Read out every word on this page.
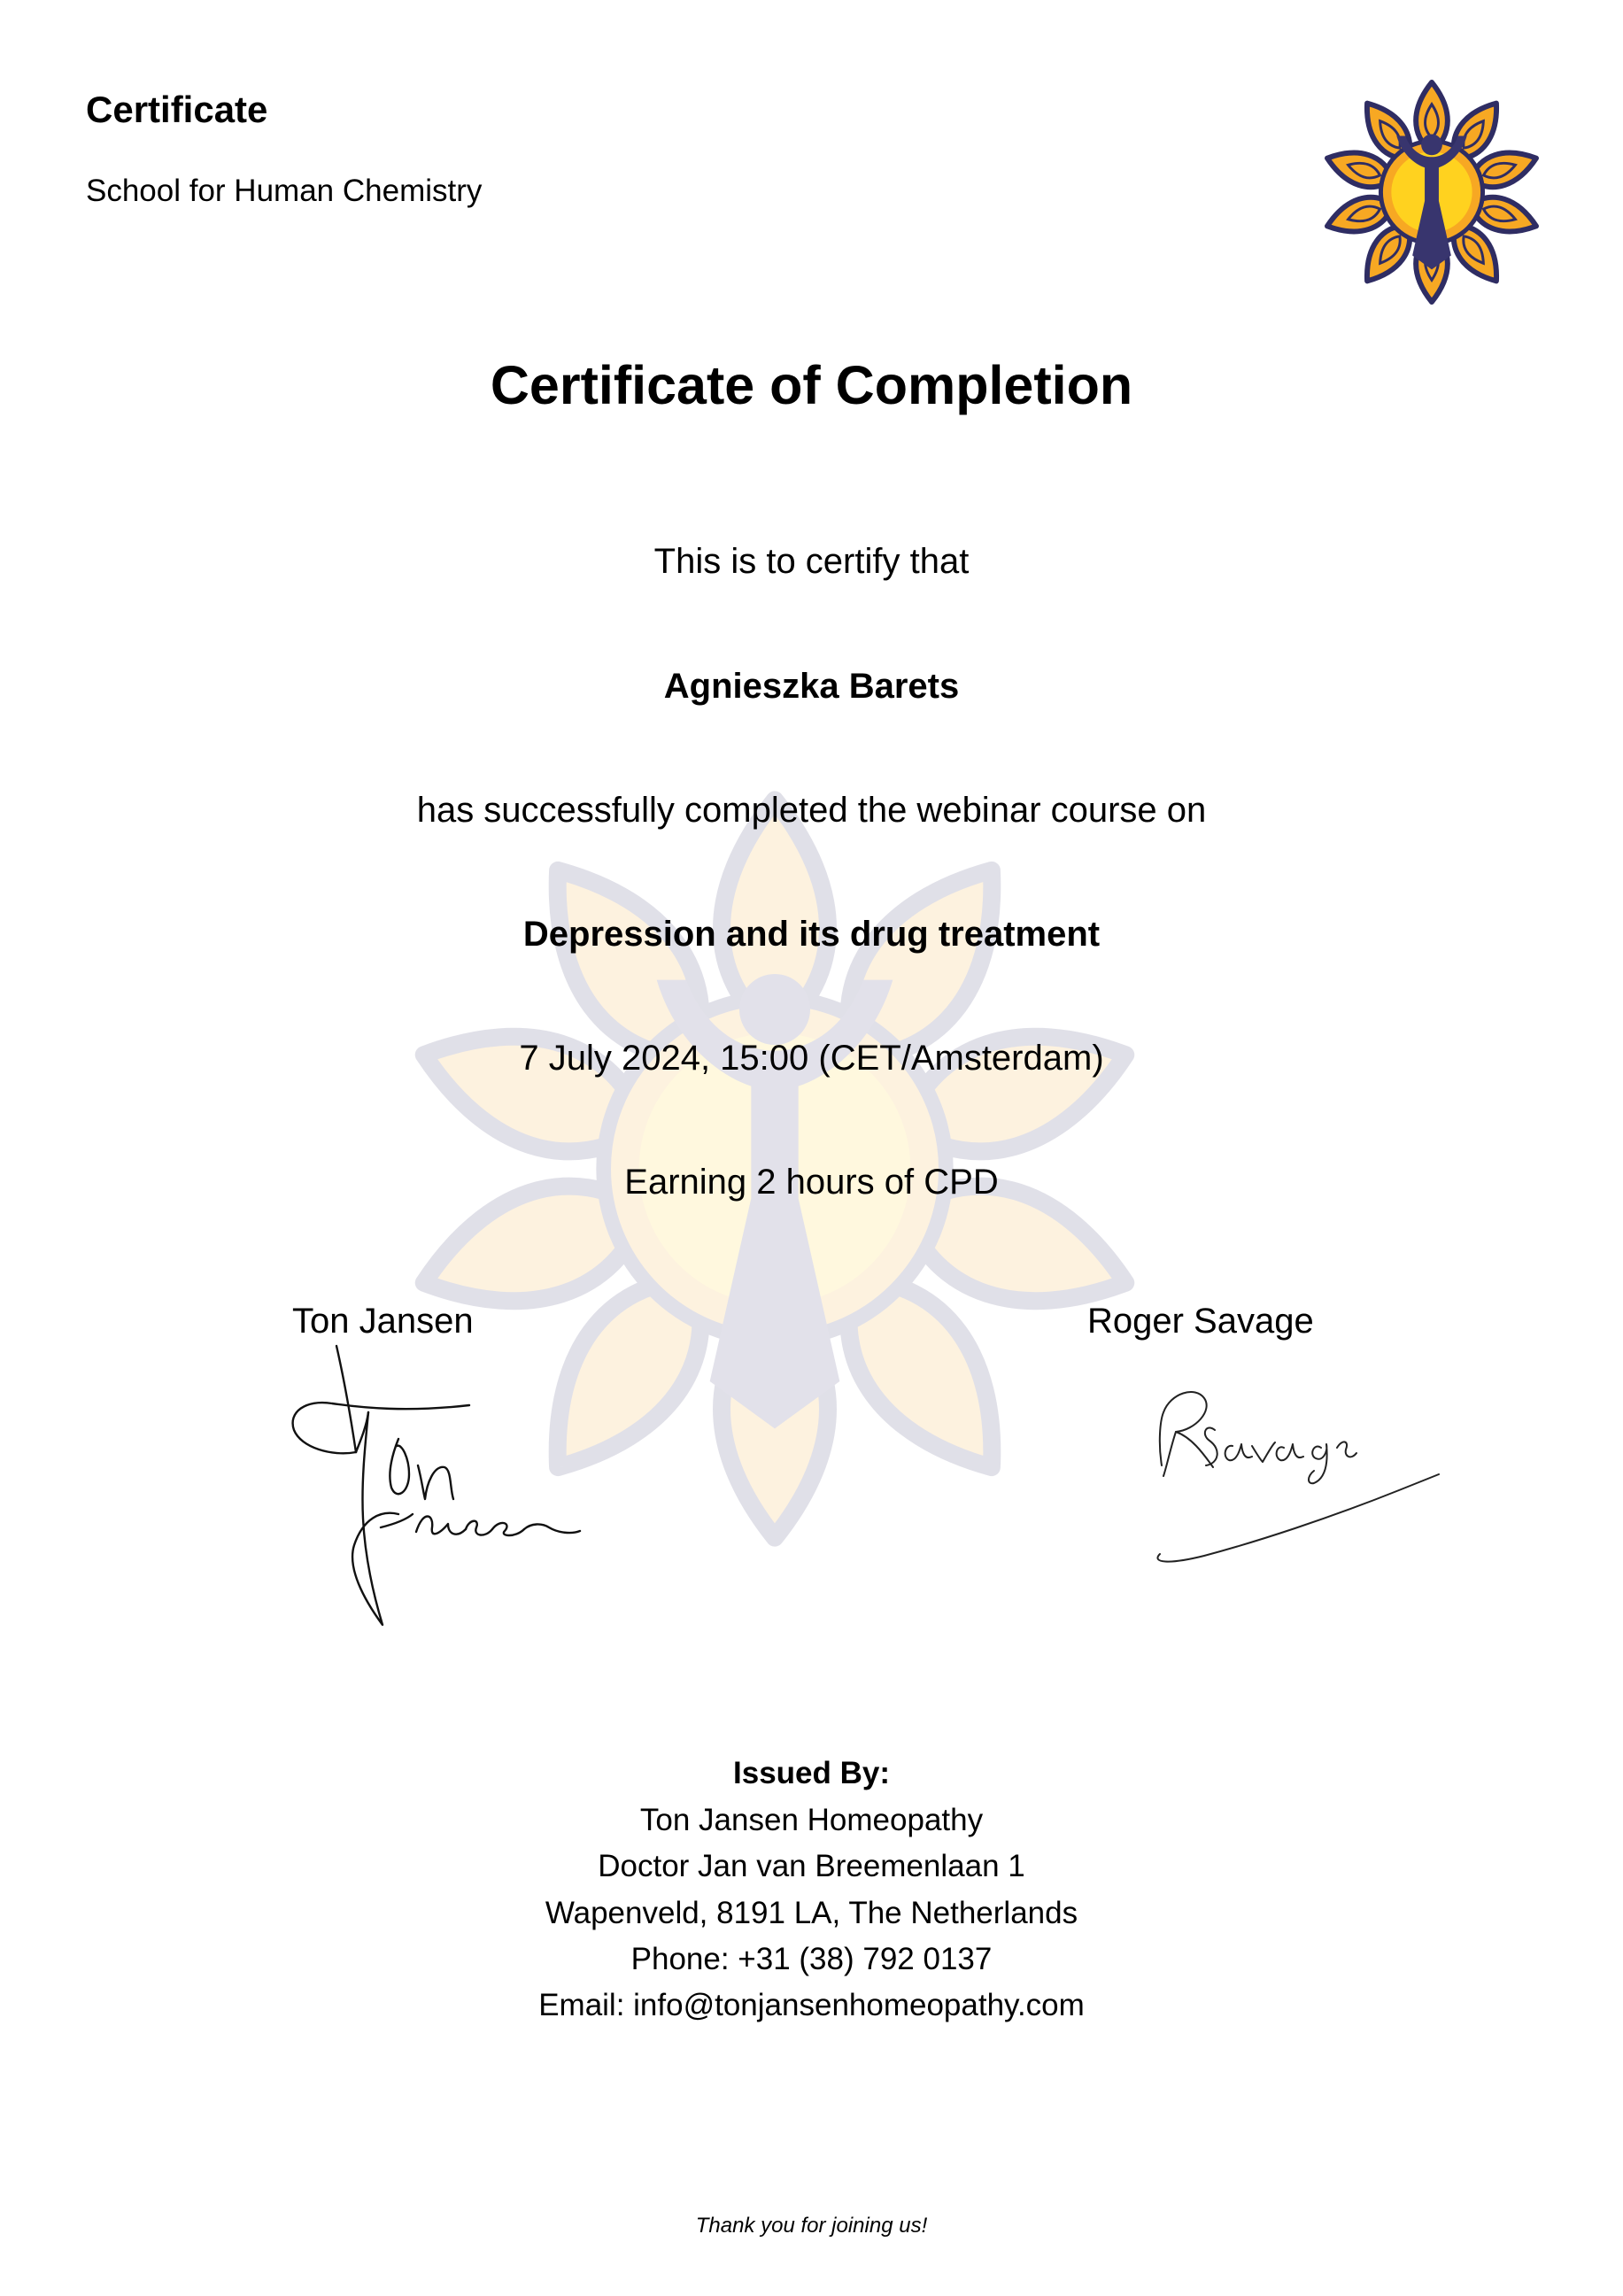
Certificate
School for Human Chemistry
Certificate of Completion
This is to certify that
Agnieszka Barets
has successfully completed the webinar course on
Depression and its drug treatment
7 July 2024, 15:00 (CET/Amsterdam)
Earning 2 hours of CPD
Ton Jansen	Roger Savage
Issued By:
Ton Jansen Homeopathy
Doctor Jan van Breemenlaan 1
Wapenveld, 8191 LA, The Netherlands
Phone: +31 (38) 792 0137
Email: info@tonjansenhomeopathy.com
Thank you for joining us!
